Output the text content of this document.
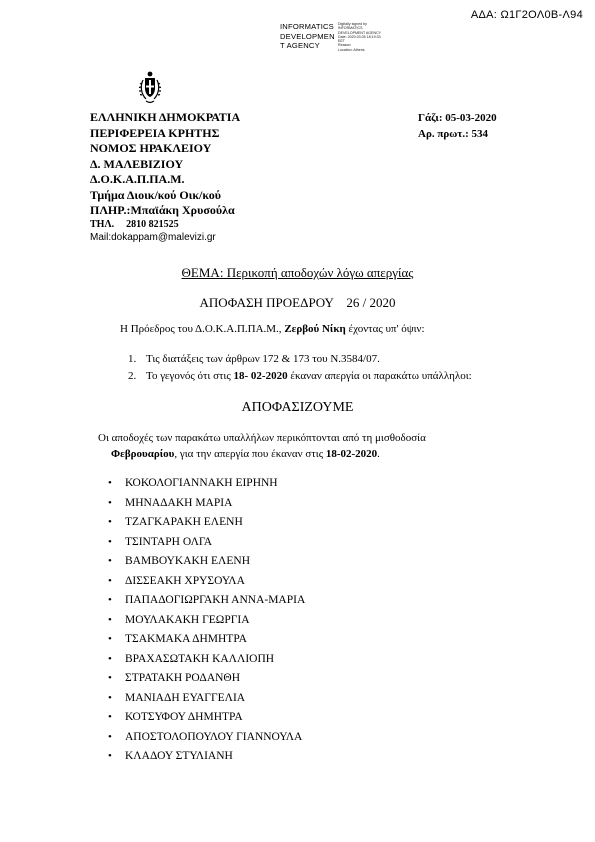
ΑΔΑ: Ω1Γ2ΟΛ0Β-Λ94
INFORMATICS
DEVELOPMEN
T AGENCY
Digitally signed by
INFORMATICS
DEVELOPMENT AGENCY
Date: 2020.03.05 18:19:33
EET
Reason:
Location: Athens
ΕΛΛΗΝΙΚΗ ΔΗΜΟΚΡΑΤΙΑ
ΠΕΡΙΦΕΡΕΙΑ ΚΡΗΤΗΣ
ΝΟΜΟΣ ΗΡΑΚΛΕΙΟΥ
Δ. ΜΑΛΕΒΙΖΙΟΥ
Δ.Ο.Κ.Α.Π.ΠΑ.Μ.
Τμήμα Διοικ/κού Οικ/κού
ΠΛΗΡ.:Μπαϊάκη Χρυσούλα
ΤΗΛ. 2810 821525
Mail:dokappam@malevizi.gr
Γάζι: 05-03-2020
Αρ. πρωτ.: 534
ΘΕΜΑ: Περικοπή αποδοχών λόγω απεργίας
ΑΠΟΦΑΣΗ ΠΡΟΕΔΡΟΥ    26 / 2020
Η Πρόεδρος του Δ.Ο.Κ.Α.Π.ΠΑ.Μ., Ζερβού Νίκη έχοντας υπ' όψιν:
1. Τις διατάξεις των άρθρων 172 & 173 του Ν.3584/07.
2. Το γεγονός ότι στις 18- 02-2020 έκαναν απεργία οι παρακάτω υπάλληλοι:
ΑΠΟΦΑΣΙΖΟΥΜΕ
Οι αποδοχές των παρακάτω υπαλλήλων περικόπτονται από τη μισθοδοσία
Φεβρουαρίου, για την απεργία που έκαναν στις 18-02-2020.
• ΚΟΚΟΛΟΓΙΑΝΝΑΚΗ ΕΙΡΗΝΗ
• ΜΗΝΑΔΑΚΗ ΜΑΡΙΑ
• ΤΖΑΓΚΑΡΑΚΗ ΕΛΕΝΗ
• ΤΣΙΝΤΑΡΗ ΟΛΓΑ
• ΒΑΜΒΟΥΚΑΚΗ ΕΛΕΝΗ
• ΔΙΣΣΕΑΚΗ ΧΡΥΣΟΥΛΑ
• ΠΑΠΑΔΟΓΙΩΡΓΑΚΗ ΑΝΝΑ-ΜΑΡΙΑ
• ΜΟΥΛΑΚΑΚΗ ΓΕΩΡΓΙΑ
• ΤΣΑΚΜΑΚΑ ΔΗΜΗΤΡΑ
• ΒΡΑΧΑΣΩΤΑΚΗ ΚΑΛΛΙΟΠΗ
• ΣΤΡΑΤΑΚΗ ΡΟΔΑΝΘΗ
• ΜΑΝΙΑΔΗ ΕΥΑΓΓΕΛΙΑ
• ΚΟΤΣΥΦΟΥ ΔΗΜΗΤΡΑ
• ΑΠΟΣΤΟΛΟΠΟΥΛΟΥ ΓΙΑΝΝΟΥΛΑ
• ΚΛΑΔΟΥ ΣΤΥΛΙΑΝΗ
